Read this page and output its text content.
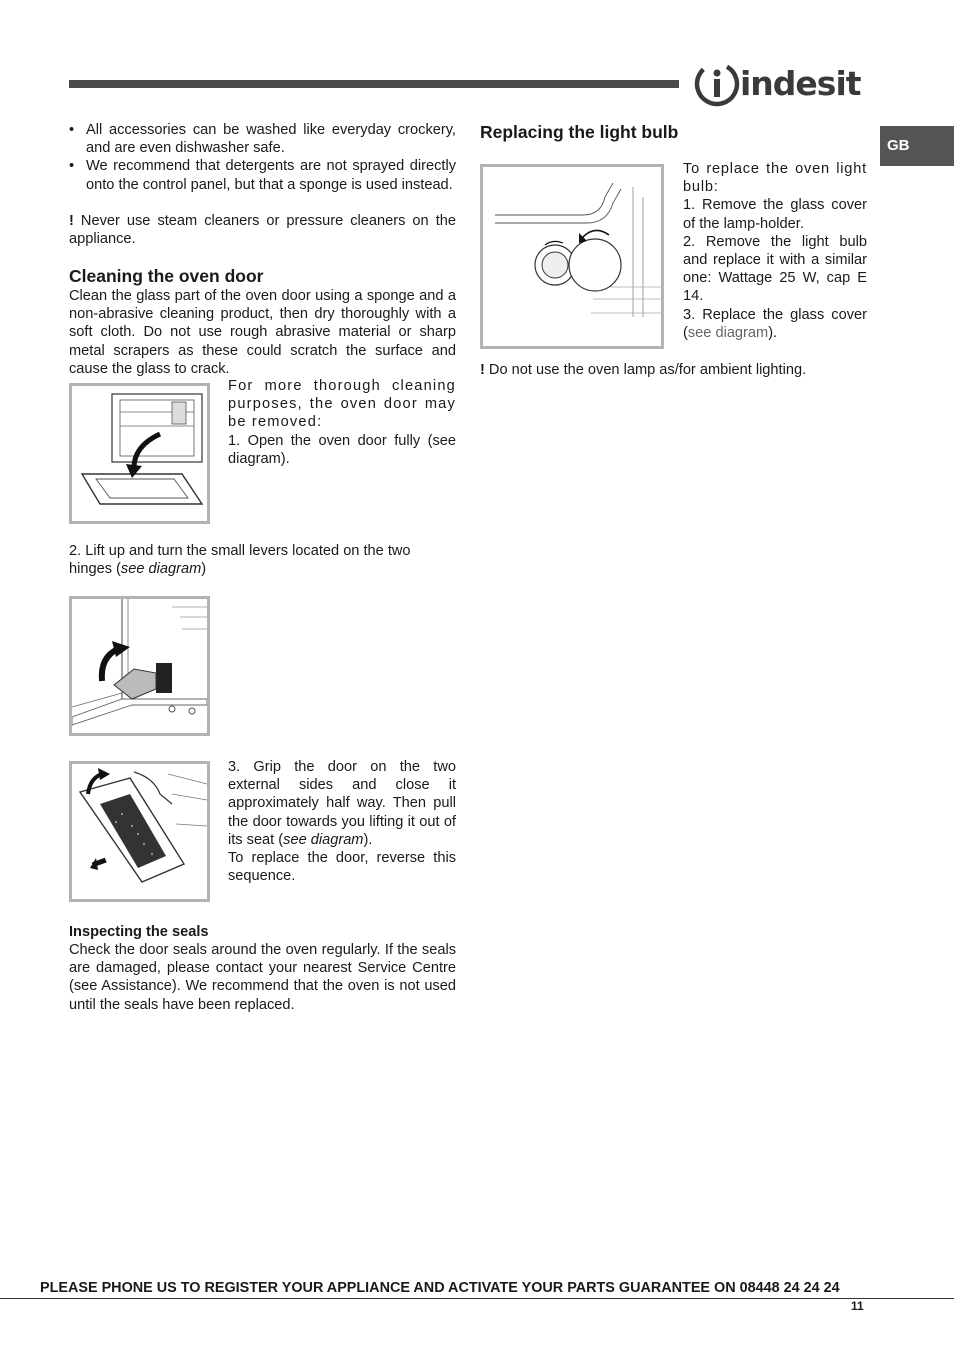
indesit
GB
• All accessories can be washed like everyday crockery, and are even dishwasher safe.
• We recommend that detergents are not sprayed directly onto the control panel, but that a sponge is used instead.

! Never use steam cleaners or pressure cleaners on the appliance.

Cleaning the oven door

Clean the glass part of the oven door using a sponge and a non-abrasive cleaning product, then dry thoroughly with a soft cloth. Do not use rough abrasive material or sharp metal scrapers as these could scratch the surface and cause the glass to crack.

For more thorough cleaning purposes, the oven door may be removed:

1. Open the oven door fully (see diagram).

2. Lift up and turn the small levers located on the two hinges (see diagram)

3. Grip the door on the two external sides and close it approximately half way. Then pull the door towards you lifting it out of its seat (see diagram).

To replace the door, reverse this sequence.

Inspecting the seals

Check the door seals around the oven regularly. If the seals are damaged, please contact your nearest Service Centre (see Assistance). We recommend that the oven is not used until the seals have been replaced.

Replacing the light bulb

To replace the oven light bulb:

1. Remove the glass cover of the lamp-holder.

2. Remove the light bulb and replace it with a similar one: Wattage 25 W, cap E 14.

3. Replace the glass cover (see diagram).

! Do not use the oven lamp as/for ambient lighting.

PLEASE PHONE US TO REGISTER YOUR APPLIANCE AND ACTIVATE YOUR PARTS GUARANTEE ON 08448 24 24 24
11
